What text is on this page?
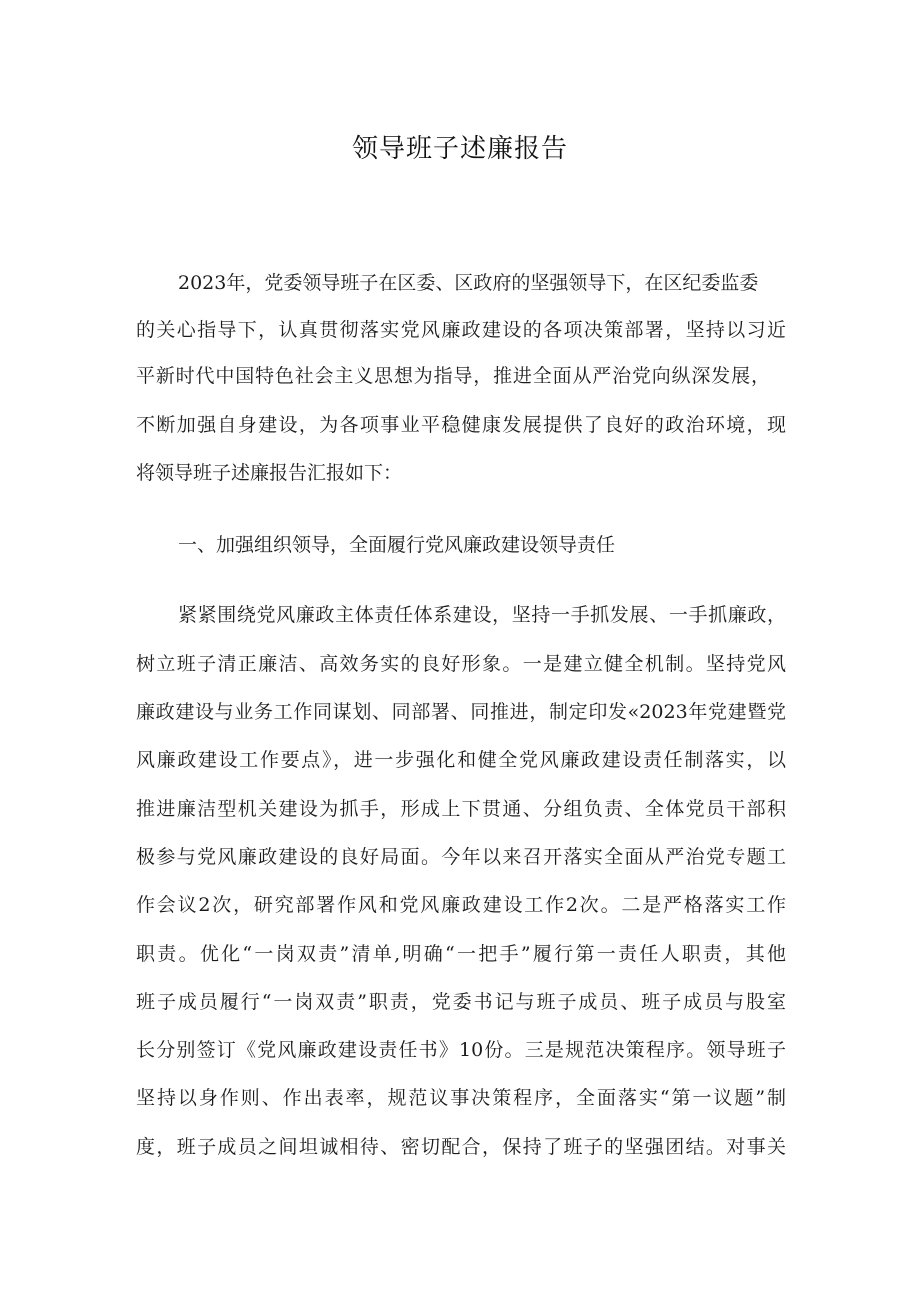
领导班子述廉报告
2023年，党委领导班子在区委、区政府的坚强领导下，在区纪委监委
的关心指导下，认真贯彻落实党风廉政建设的各项决策部署，坚持以习近
平新时代中国特色社会主义思想为指导，推进全面从严治党向纵深发展，
不断加强自身建设，为各项事业平稳健康发展提供了良好的政治环境，现
将领导班子述廉报告汇报如下：
一、加强组织领导，全面履行党风廉政建设领导责任
紧紧围绕党风廉政主体责任体系建设，坚持一手抓发展、一手抓廉政，
树立班子清正廉洁、高效务实的良好形象。一是建立健全机制。坚持党风
廉政建设与业务工作同谋划、同部署、同推进，制定印发«2023年党建暨党
风廉政建设工作要点》，进一步强化和健全党风廉政建设责任制落实，以
推进廉洁型机关建设为抓手，形成上下贯通、分组负责、全体党员干部积
极参与党风廉政建设的良好局面。今年以来召开落实全面从严治党专题工
作会议2次，研究部署作风和党风廉政建设工作2次。二是严格落实工作
职责。优化“一岗双责”清单,明确“一把手”履行第一责任人职责，其他
班子成员履行“一岗双责”职责，党委书记与班子成员、班子成员与股室
长分别签订《党风廉政建设责任书》10份。三是规范决策程序。领导班子
坚持以身作则、作出表率，规范议事决策程序，全面落实“第一议题”制
度，班子成员之间坦诚相待、密切配合，保持了班子的坚强团结。对事关
